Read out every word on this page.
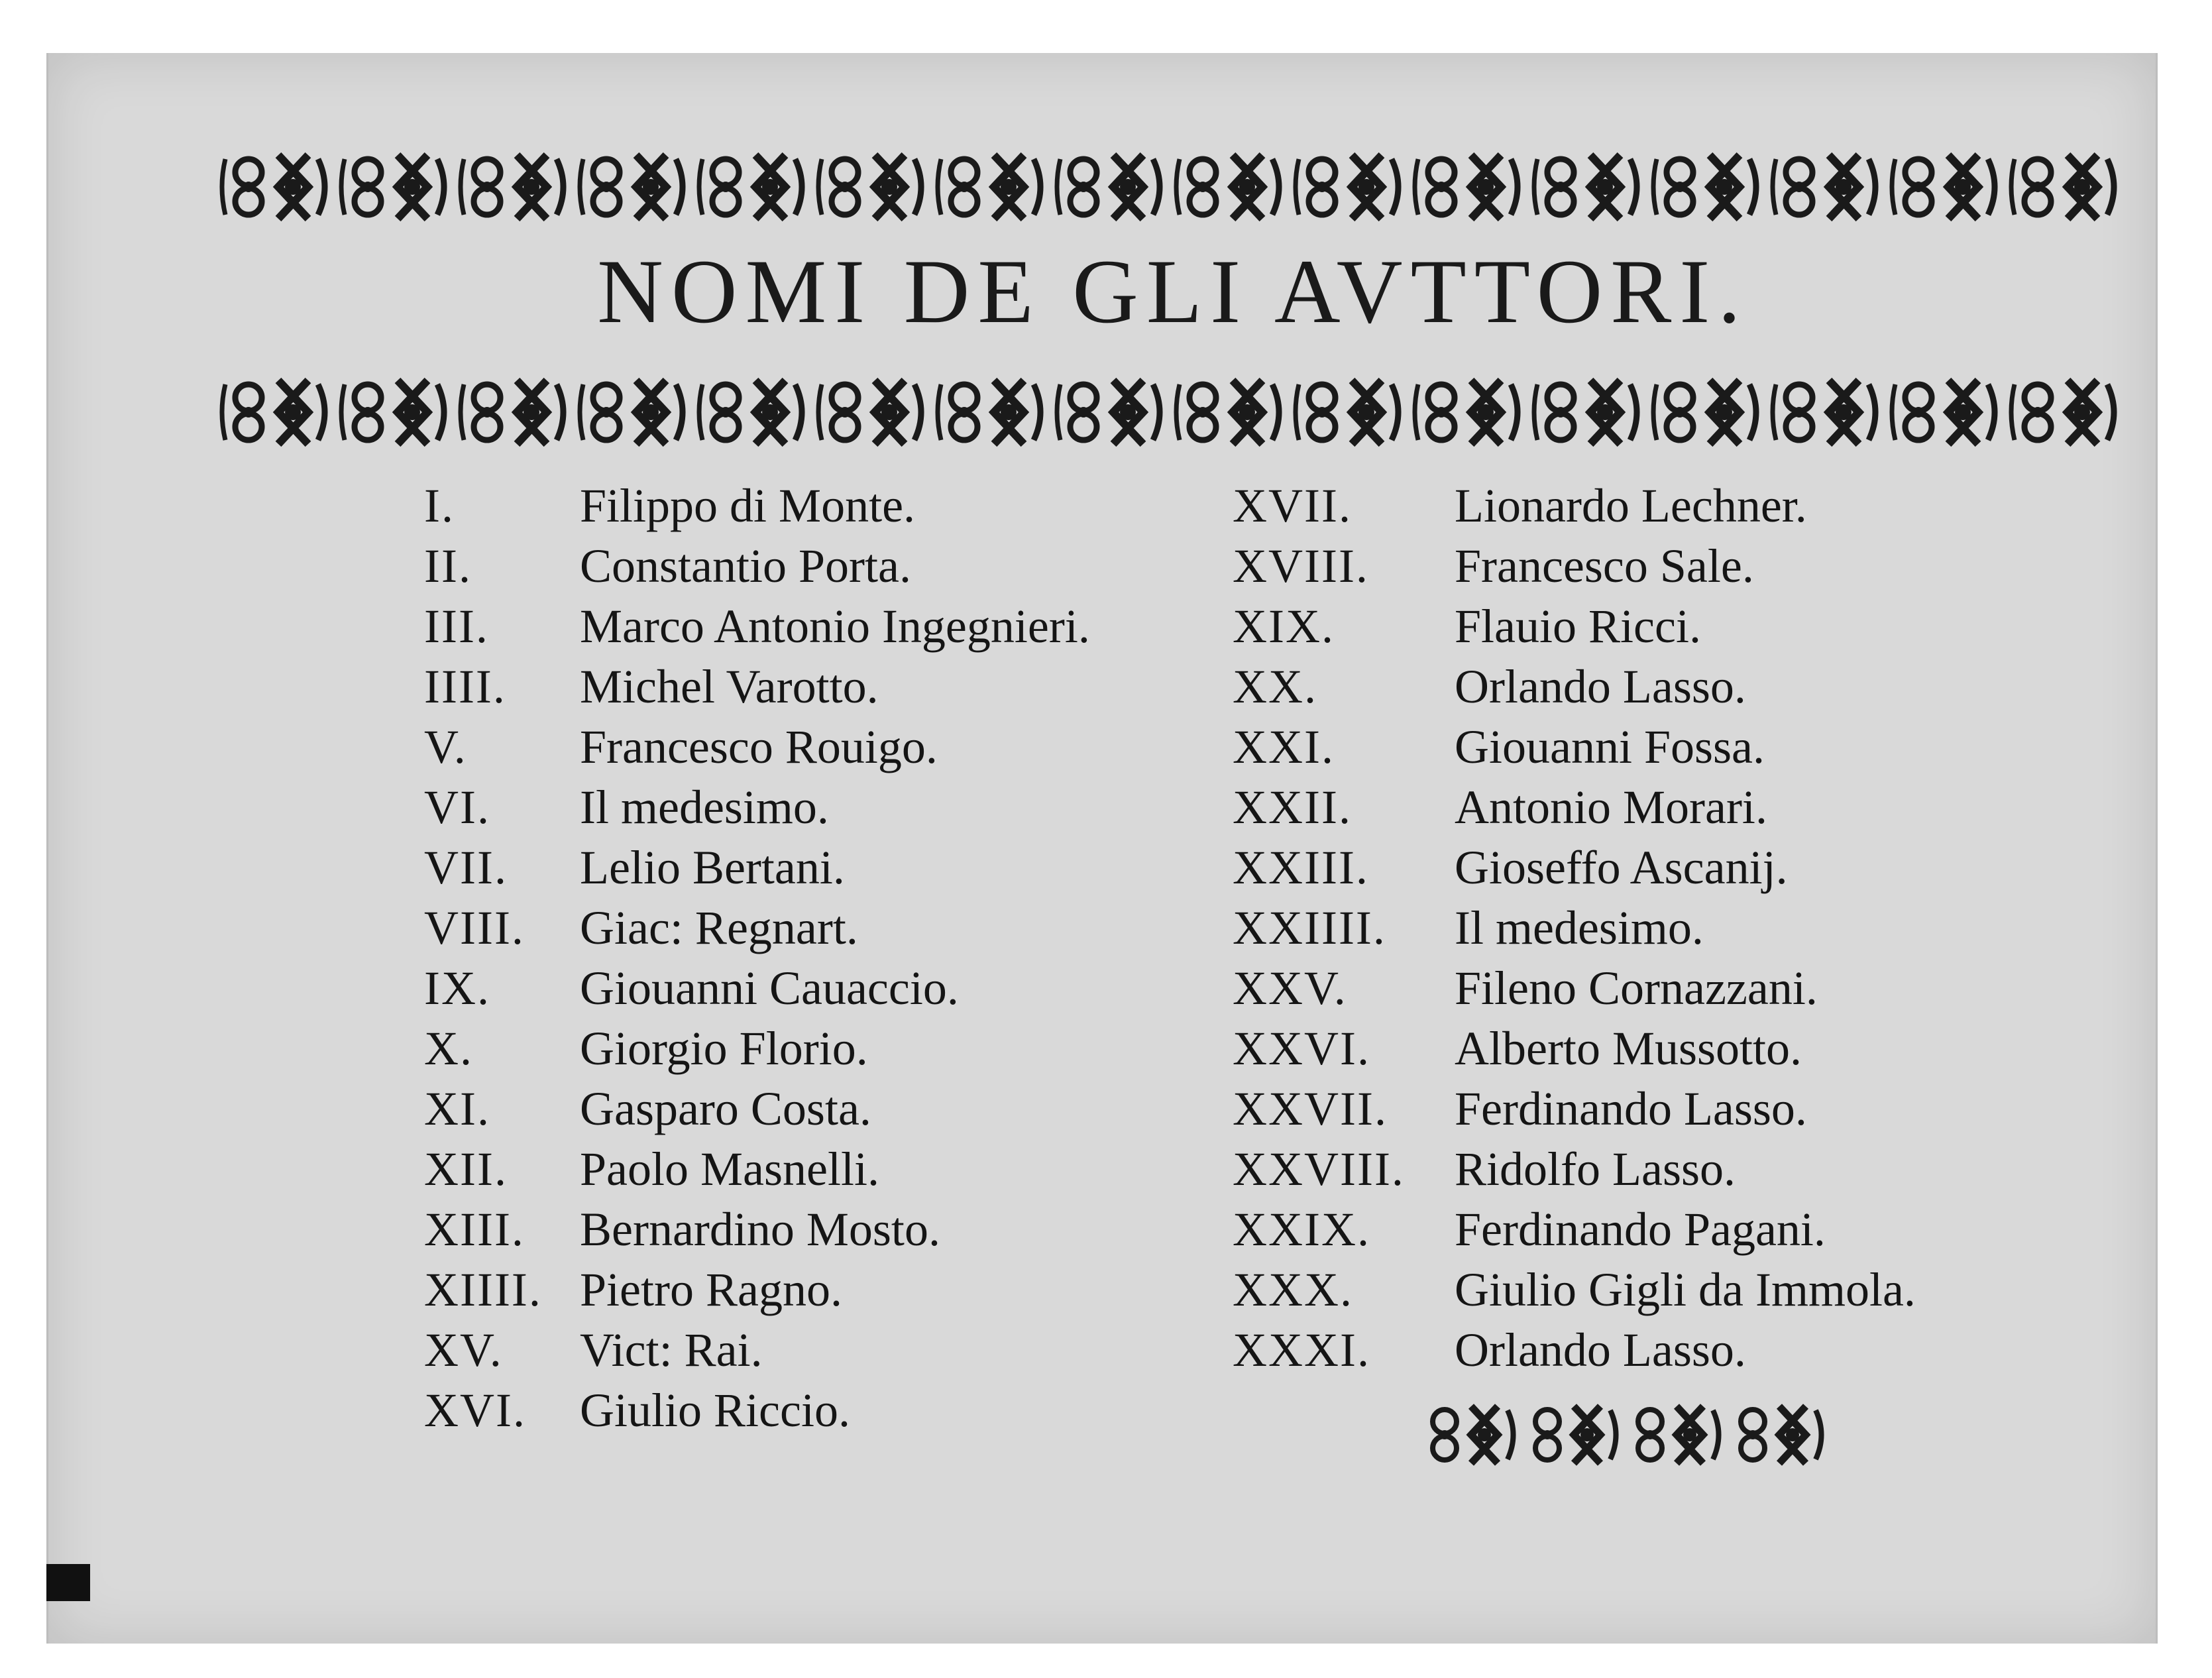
NOMI DE GLI AVTTORI.
I.	Filippo di Monte.
II.	Constantio Porta.
III.	Marco Antonio Ingegnieri.
IIII.	Michel Varotto.
V.	Francesco Rouigo.
VI.	Il medesimo.
VII.	Lelio Bertani.
VIII.	Giac: Regnart.
IX.	Giouanni Cauaccio.
X.	Giorgio Florio.
XI.	Gasparo Costa.
XII.	Paolo Masnelli.
XIII.	Bernardino Mosto.
XIIII. Pietro Ragno.
XV.	Vict: Rai.
XVI.	Giulio Riccio.
XVII.	Lionardo Lechner.
XVIII.	Francesco Sale.
XIX.	Flauio Ricci.
XX.	Orlando Lasso.
XXI.	Giouanni Fossa.
XXII.	Antonio Morari.
XXIII.	Gioseffo Ascanij.
XXIIII.	Il medesimo.
XXV.	Fileno Cornazzani.
XXVI.	Alberto Mussotto.
XXVII.	Ferdinando Lasso.
XXVIII.	Ridolfo Lasso.
XXIX.	Ferdinando Pagani.
XXX.	Giulio Gigli da Immola.
XXXI.	Orlando Lasso.
